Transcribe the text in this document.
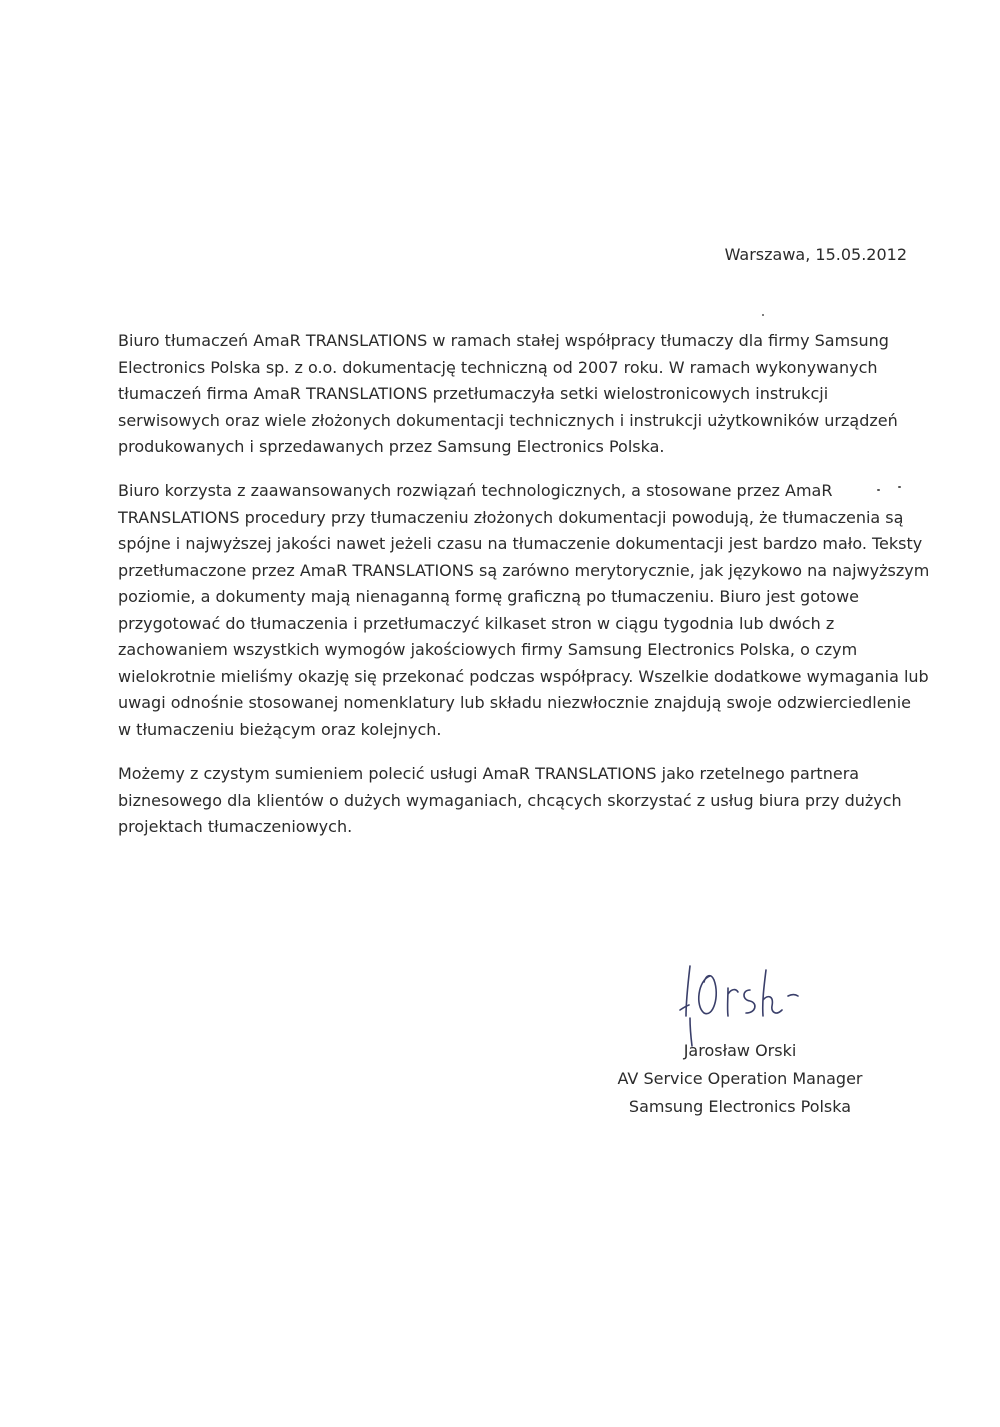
Warszawa, 15.05.2012
Biuro tłumaczeń AmaR TRANSLATIONS w ramach stałej współpracy tłumaczy dla firmy Samsung
Electronics Polska sp. z o.o. dokumentację techniczną od 2007 roku. W ramach wykonywanych
tłumaczeń firma AmaR TRANSLATIONS przetłumaczyła setki wielostronicowych instrukcji
serwisowych oraz wiele złożonych dokumentacji technicznych i instrukcji użytkowników urządzeń
produkowanych i sprzedawanych przez Samsung Electronics Polska.
Biuro korzysta z zaawansowanych rozwiązań technologicznych, a stosowane przez AmaR
TRANSLATIONS procedury przy tłumaczeniu złożonych dokumentacji powodują, że tłumaczenia są
spójne i najwyższej jakości nawet jeżeli czasu na tłumaczenie dokumentacji jest bardzo mało. Teksty
przetłumaczone przez AmaR TRANSLATIONS są zarówno merytorycznie, jak językowo na najwyższym
poziomie, a dokumenty mają nienaganną formę graficzną po tłumaczeniu. Biuro jest gotowe
przygotować do tłumaczenia i przetłumaczyć kilkaset stron w ciągu tygodnia lub dwóch z
zachowaniem wszystkich wymogów jakościowych firmy Samsung Electronics Polska, o czym
wielokrotnie mieliśmy okazję się przekonać podczas współpracy. Wszelkie dodatkowe wymagania lub
uwagi odnośnie stosowanej nomenklatury lub składu niezwłocznie znajdują swoje odzwierciedlenie
w tłumaczeniu bieżącym oraz kolejnych.
Możemy z czystym sumieniem polecić usługi AmaR TRANSLATIONS jako rzetelnego partnera
biznesowego dla klientów o dużych wymaganiach, chcących skorzystać z usług biura przy dużych
projektach tłumaczeniowych.
Jarosław Orski
AV Service Operation Manager
Samsung Electronics Polska
